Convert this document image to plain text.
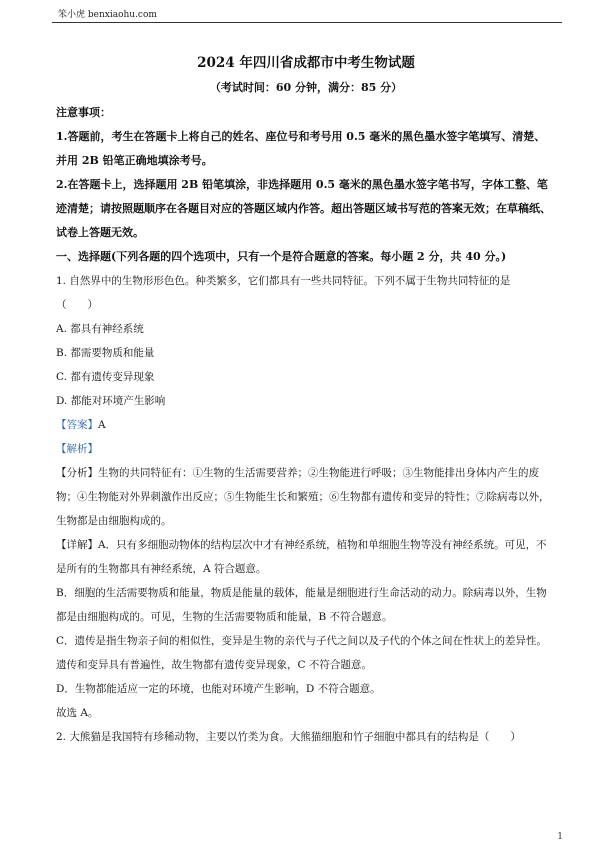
笨小虎 benxiaohu.com

2024 年四川省成都市中考生物试题

（考试时间：60 分钟，满分：85 分）

注意事项：

1.答题前，考生在答题卡上将自己的姓名、座位号和考号用 0.5 毫米的黑色墨水签字笔填写、清楚、并用 2B 铅笔正确地填涂考号。

2.在答题卡上，选择题用 2B 铅笔填涂，非选择题用 0.5 毫米的黑色墨水签字笔书写，字体工整、笔迹清楚；请按照题顺序在各题目对应的答题区域内作答。超出答题区域书写范的答案无效；在草稿纸、试卷上答题无效。

一、选择题(下列各题的四个选项中，只有一个是符合题意的答案。每小题 2 分，共 40 分。)

1. 自然界中的生物形形色色。种类繁多，它们都具有一些共同特征。下列不属于生物共同特征的是

（　　）

A. 都具有神经系统

B. 都需要物质和能量

C. 都有遗传变异现象

D. 都能对环境产生影响

【答案】A

【解析】

【分析】生物的共同特征有：①生物的生活需要营养；②生物能进行呼吸；③生物能排出身体内产生的废物；④生物能对外界刺激作出反应；⑤生物能生长和繁殖；⑥生物都有遗传和变异的特性；⑦除病毒以外，生物都是由细胞构成的。

【详解】A．只有多细胞动物体的结构层次中才有神经系统，植物和单细胞生物等没有神经系统。可见，不是所有的生物都具有神经系统，A 符合题意。

B．细胞的生活需要物质和能量，物质是能量的载体，能量是细胞进行生命活动的动力。除病毒以外，生物都是由细胞构成的。可见，生物的生活需要物质和能量，B 不符合题意。

C．遗传是指生物亲子间的相似性，变异是生物的亲代与子代之间以及子代的个体之间在性状上的差异性。遗传和变异具有普遍性，故生物都有遗传变异现象，C 不符合题意。

D．生物都能适应一定的环境，也能对环境产生影响，D 不符合题意。

故选 A。

2. 大熊猫是我国特有珍稀动物，主要以竹类为食。大熊猫细胞和竹子细胞中都具有的结构是（　　）

1
